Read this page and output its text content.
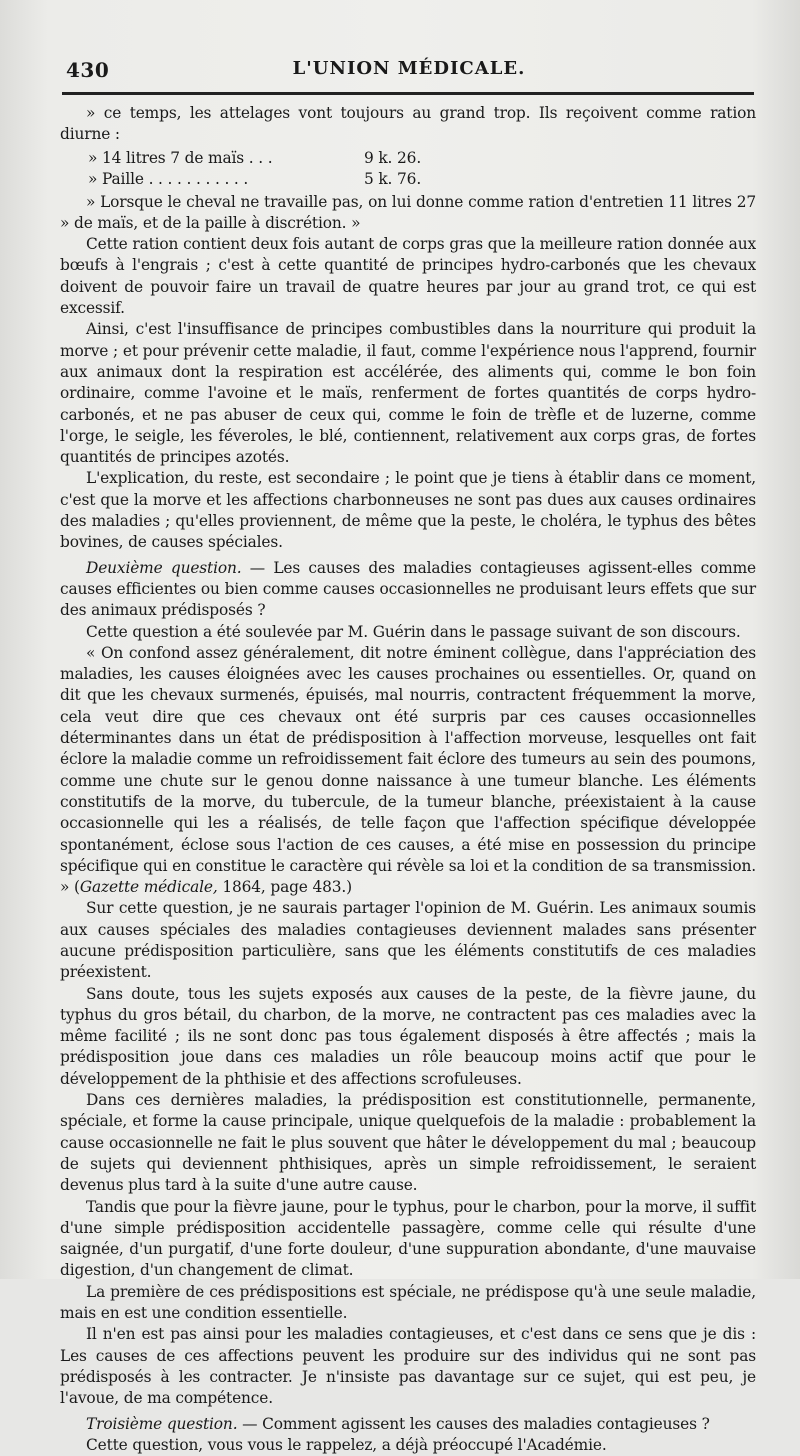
430	L'UNION MÉDICALE.

» ce temps, les attelages vont toujours au grand trop. Ils reçoivent comme ration diurne :

» 14 litres 7 de maïs . . .	9 k. 26.
» Paille . . . . . . . . . . .	5 k. 76.

» Lorsque le cheval ne travaille pas, on lui donne comme ration d'entretien 11 litres 27 » de maïs, et de la paille à discrétion. »

Cette ration contient deux fois autant de corps gras que la meilleure ration donnée aux bœufs à l'engrais ; c'est à cette quantité de principes hydro-carbonés que les chevaux doivent de pouvoir faire un travail de quatre heures par jour au grand trot, ce qui est excessif.

Ainsi, c'est l'insuffisance de principes combustibles dans la nourriture qui produit la morve ; et pour prévenir cette maladie, il faut, comme l'expérience nous l'apprend, fournir aux animaux dont la respiration est accélérée, des aliments qui, comme le bon foin ordinaire, comme l'avoine et le maïs, renferment de fortes quantités de corps hydro-carbonés, et ne pas abuser de ceux qui, comme le foin de trèfle et de luzerne, comme l'orge, le seigle, les féveroles, le blé, contiennent, relativement aux corps gras, de fortes quantités de principes azotés.

L'explication, du reste, est secondaire ; le point que je tiens à établir dans ce moment, c'est que la morve et les affections charbonneuses ne sont pas dues aux causes ordinaires des maladies ; qu'elles proviennent, de même que la peste, le choléra, le typhus des bêtes bovines, de causes spéciales.

Deuxième question. — Les causes des maladies contagieuses agissent-elles comme causes efficientes ou bien comme causes occasionnelles ne produisant leurs effets que sur des animaux prédisposés ?

Cette question a été soulevée par M. Guérin dans le passage suivant de son discours.

« On confond assez généralement, dit notre éminent collègue, dans l'appréciation des maladies, les causes éloignées avec les causes prochaines ou essentielles. Or, quand on dit que les chevaux surmenés, épuisés, mal nourris, contractent fréquemment la morve, cela veut dire que ces chevaux ont été surpris par ces causes occasionnelles déterminantes dans un état de prédisposition à l'affection morveuse, lesquelles ont fait éclore la maladie comme un refroidissement fait éclore des tumeurs au sein des poumons, comme une chute sur le genou donne naissance à une tumeur blanche. Les éléments constitutifs de la morve, du tubercule, de la tumeur blanche, préexistaient à la cause occasionnelle qui les a réalisés, de telle façon que l'affection spécifique développée spontanément, éclose sous l'action de ces causes, a été mise en possession du principe spécifique qui en constitue le caractère qui révèle sa loi et la condition de sa transmission. » (Gazette médicale, 1864, page 483.)

Sur cette question, je ne saurais partager l'opinion de M. Guérin. Les animaux soumis aux causes spéciales des maladies contagieuses deviennent malades sans présenter aucune prédisposition particulière, sans que les éléments constitutifs de ces maladies préexistent.

Sans doute, tous les sujets exposés aux causes de la peste, de la fièvre jaune, du typhus du gros bétail, du charbon, de la morve, ne contractent pas ces maladies avec la même facilité ; ils ne sont donc pas tous également disposés à être affectés ; mais la prédisposition joue dans ces maladies un rôle beaucoup moins actif que pour le développement de la phthisie et des affections scrofuleuses.

Dans ces dernières maladies, la prédisposition est constitutionnelle, permanente, spéciale, et forme la cause principale, unique quelquefois de la maladie : probablement la cause occasionnelle ne fait le plus souvent que hâter le développement du mal ; beaucoup de sujets qui deviennent phthisiques, après un simple refroidissement, le seraient devenus plus tard à la suite d'une autre cause.

Tandis que pour la fièvre jaune, pour le typhus, pour le charbon, pour la morve, il suffit d'une simple prédisposition accidentelle passagère, comme celle qui résulte d'une saignée, d'un purgatif, d'une forte douleur, d'une suppuration abondante, d'une mauvaise digestion, d'un changement de climat.

La première de ces prédispositions est spéciale, ne prédispose qu'à une seule maladie, mais en est une condition essentielle.

Il n'en est pas ainsi pour les maladies contagieuses, et c'est dans ce sens que je dis : Les causes de ces affections peuvent les produire sur des individus qui ne sont pas prédisposés à les contracter. Je n'insiste pas davantage sur ce sujet, qui est peu, je l'avoue, de ma compétence.

Troisième question. — Comment agissent les causes des maladies contagieuses ?

Cette question, vous vous le rappelez, a déjà préoccupé l'Académie.
